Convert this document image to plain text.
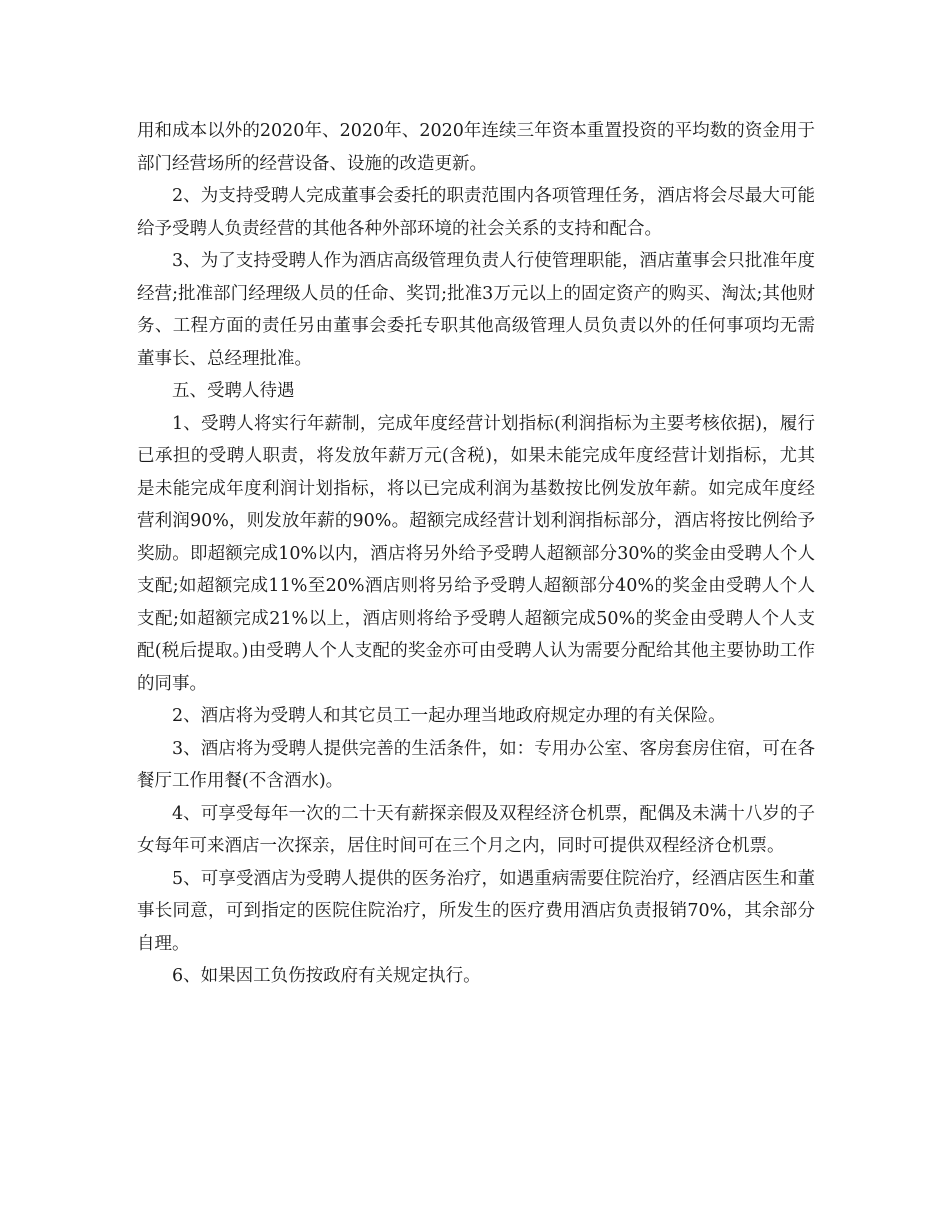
用和成本以外的2020年、2020年、2020年连续三年资本重置投资的平均数的资金用于部门经营场所的经营设备、设施的改造更新。

2、为支持受聘人完成董事会委托的职责范围内各项管理任务，酒店将会尽最大可能给予受聘人负责经营的其他各种外部环境的社会关系的支持和配合。

3、为了支持受聘人作为酒店高级管理负责人行使管理职能，酒店董事会只批准年度经营;批准部门经理级人员的任命、奖罚;批准3万元以上的固定资产的购买、淘汰;其他财务、工程方面的责任另由董事会委托专职其他高级管理人员负责以外的任何事项均无需董事长、总经理批准。

五、受聘人待遇

1、受聘人将实行年薪制，完成年度经营计划指标(利润指标为主要考核依据)，履行已承担的受聘人职责，将发放年薪万元(含税)，如果未能完成年度经营计划指标，尤其是未能完成年度利润计划指标，将以已完成利润为基数按比例发放年薪。如完成年度经营利润90%，则发放年薪的90%。超额完成经营计划利润指标部分，酒店将按比例给予奖励。即超额完成10%以内，酒店将另外给予受聘人超额部分30%的奖金由受聘人个人支配;如超额完成11%至20%酒店则将另给予受聘人超额部分40%的奖金由受聘人个人支配;如超额完成21%以上，酒店则将给予受聘人超额完成50%的奖金由受聘人个人支配(税后提取。)由受聘人个人支配的奖金亦可由受聘人认为需要分配给其他主要协助工作的同事。

2、酒店将为受聘人和其它员工一起办理当地政府规定办理的有关保险。

3、酒店将为受聘人提供完善的生活条件，如：专用办公室、客房套房住宿，可在各餐厅工作用餐(不含酒水)。

4、可享受每年一次的二十天有薪探亲假及双程经济仓机票，配偶及未满十八岁的子女每年可来酒店一次探亲，居住时间可在三个月之内，同时可提供双程经济仓机票。

5、可享受酒店为受聘人提供的医务治疗，如遇重病需要住院治疗，经酒店医生和董事长同意，可到指定的医院住院治疗，所发生的医疗费用酒店负责报销70%，其余部分自理。

6、如果因工负伤按政府有关规定执行。
